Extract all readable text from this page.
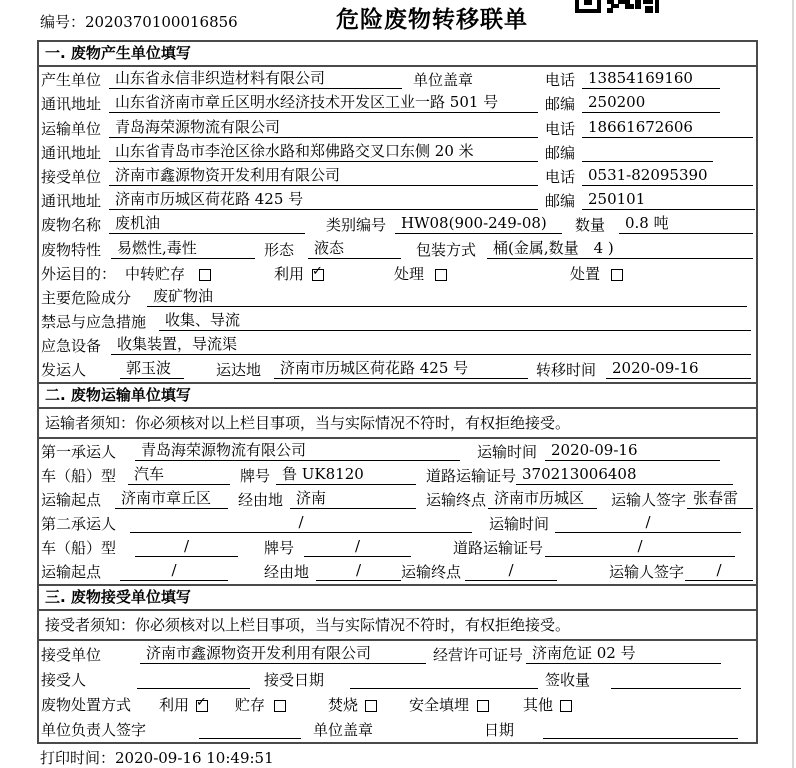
编号：2020370100016856	危险废物转移联单
一. 废物产生单位填写
产生单位 山东省永信非织造材料有限公司	单位盖章	电话 13854169160
通讯地址 山东省济南市章丘区明水经济技术开发区工业一路 501 号	邮编 250200
运输单位 青岛海荣源物流有限公司	电话 18661672606
通讯地址 山东省青岛市李沧区徐水路和郑佛路交叉口东侧 20 米	邮编
接受单位 济南市鑫源物资开发利用有限公司	电话 0531-82095390
通讯地址 济南市历城区荷花路 425 号	邮编 250101
废物名称 废机油	类别编号 HW08(900-249-08)	数量	0.8 吨
废物特性	易燃性,毒性	形态	液态	包装方式	桶(金属,数量　4 )
外运目的： 中转贮存	利用 ✓	处理	处置
主要危险成分	废矿物油
禁忌与应急措施	收集、导流
应急设备	收集装置，导流渠
发运人	郭玉波	运达地	济南市历城区荷花路 425 号	转移时间	2020-09-16
二. 废物运输单位填写
运输者须知：你必须核对以上栏目事项，当与实际情况不符时，有权拒绝接受。
第一承运人	青岛海荣源物流有限公司	运输时间 2020-09-16
车（船）型	汽车	牌号 鲁 UK8120	道路运输证号 370213006408
运输起点	济南市章丘区	经由地 济南	运输终点 济南市历城区	运输人签字 张春雷
第二承运人	/	运输时间	/
车（船）型	/	牌号	/	道路运输证号	/
运输起点	/	经由地	/	运输终点	/	运输人签字	/
三. 废物接受单位填写
接受者须知：你必须核对以上栏目事项，当与实际情况不符时，有权拒绝接受。
接受单位	济南市鑫源物资开发利用有限公司	经营许可证号 济南危证 02 号
接受人	接受日期	签收量
废物处置方式 利用 ✓ 贮存	焚烧	安全填埋	其他
单位负责人签字	单位盖章	日期
打印时间：2020-09-16 10:49:51
